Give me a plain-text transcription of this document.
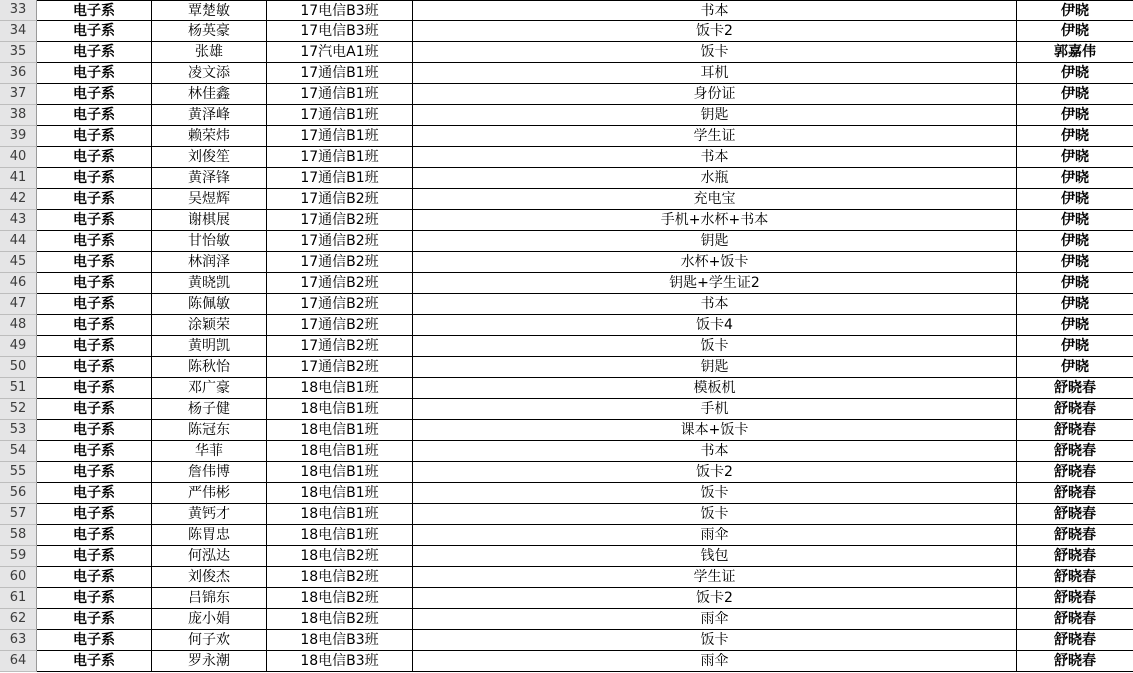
33	电子系	覃楚敏	17电信B3班	书本	伊晓
34	电子系	杨英豪	17电信B3班	饭卡2	伊晓
35	电子系	张雄	17汽电A1班	饭卡	郭嘉伟
36	电子系	凌文添	17通信B1班	耳机	伊晓
37	电子系	林佳鑫	17通信B1班	身份证	伊晓
38	电子系	黄泽峰	17通信B1班	钥匙	伊晓
39	电子系	赖荣炜	17通信B1班	学生证	伊晓
40	电子系	刘俊笙	17通信B1班	书本	伊晓
41	电子系	黄泽锋	17通信B1班	水瓶	伊晓
42	电子系	吴煜辉	17通信B2班	充电宝	伊晓
43	电子系	谢棋展	17通信B2班	手机+水杯+书本	伊晓
44	电子系	甘怡敏	17通信B2班	钥匙	伊晓
45	电子系	林润泽	17通信B2班	水杯+饭卡	伊晓
46	电子系	黄晓凯	17通信B2班	钥匙+学生证2	伊晓
47	电子系	陈佩敏	17通信B2班	书本	伊晓
48	电子系	涂颖荣	17通信B2班	饭卡4	伊晓
49	电子系	黄明凯	17通信B2班	饭卡	伊晓
50	电子系	陈秋怡	17通信B2班	钥匙	伊晓
51	电子系	邓广豪	18电信B1班	模板机	舒晓春
52	电子系	杨子健	18电信B1班	手机	舒晓春
53	电子系	陈冠东	18电信B1班	课本+饭卡	舒晓春
54	电子系	华菲	18电信B1班	书本	舒晓春
55	电子系	詹伟博	18电信B1班	饭卡2	舒晓春
56	电子系	严伟彬	18电信B1班	饭卡	舒晓春
57	电子系	黄钙才	18电信B1班	饭卡	舒晓春
58	电子系	陈胃忠	18电信B1班	雨伞	舒晓春
59	电子系	何泓达	18电信B2班	钱包	舒晓春
60	电子系	刘俊杰	18电信B2班	学生证	舒晓春
61	电子系	吕锦东	18电信B2班	饭卡2	舒晓春
62	电子系	庞小娟	18电信B2班	雨伞	舒晓春
63	电子系	何子欢	18电信B3班	饭卡	舒晓春
64	电子系	罗永潮	18电信B3班	雨伞	舒晓春
